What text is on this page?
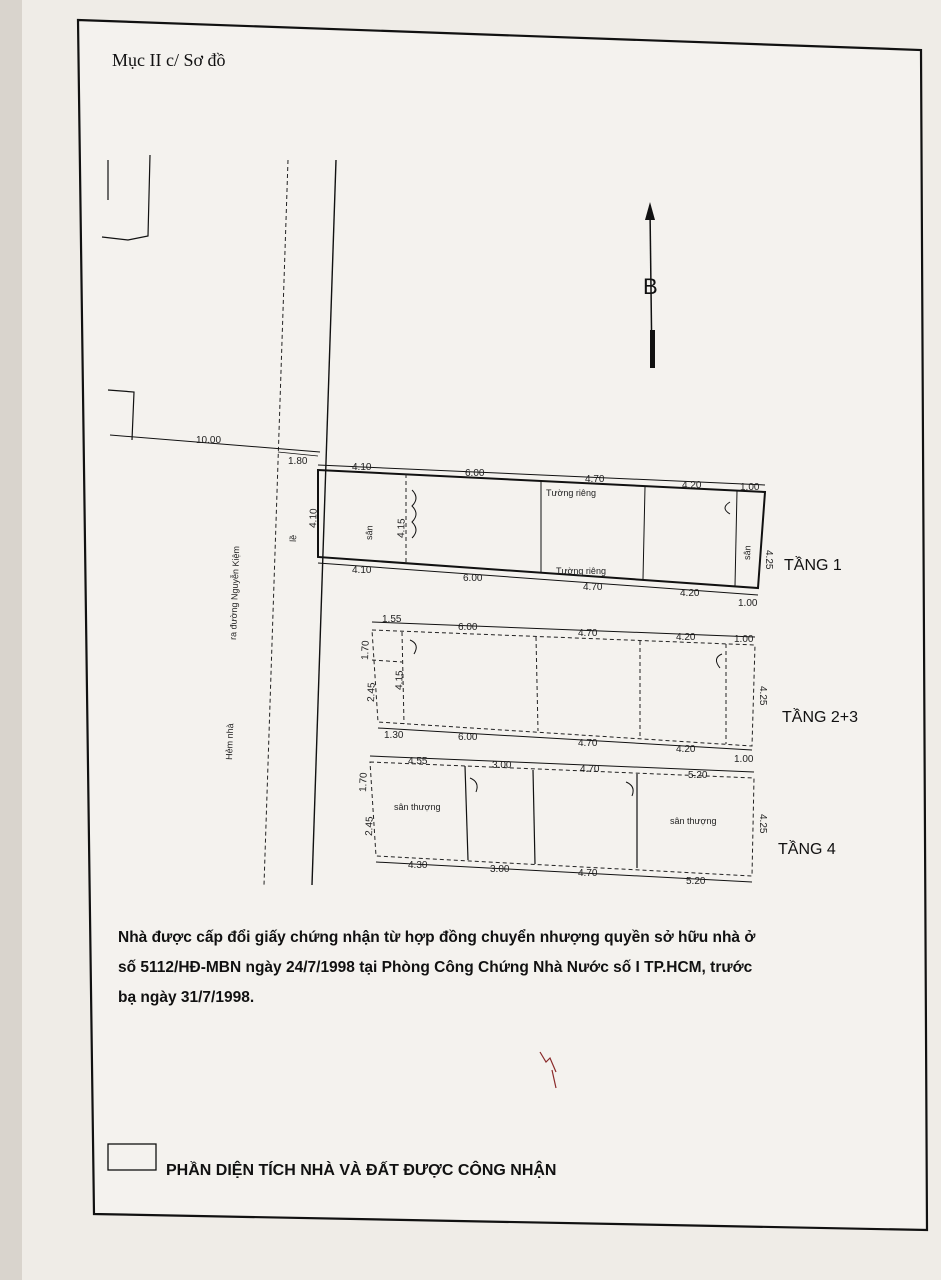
Mục II c/ Sơ đồ
10.00
1.80
Hẻm nhà
ra đường Nguyễn Kiệm
lề
B
4.10
6.00
4.70
4.20	1.00
4.10
6.00
4.70
4.20
1.00
4.10
4.15
4.25
sân
sân
Tường riêng
Tường riêng	TẦNG 1
1.55
6.00
4.70	4.20	1.00
1.30	6.00
4.70
4.20
1.00
1.70
2.45
4.15
4.25
TẦNG 2+3
4.55	3.00	4.70
5.20
4.30	3.00	4.70
5.20
1.70
2.45	4.25
sân thượng
sân thượng
TẦNG 4
Nhà được cấp đổi giấy chứng nhận từ hợp đồng chuyển nhượng quyền sở hữu nhà ở
số 5112/HĐ-MBN ngày 24/7/1998 tại Phòng Công Chứng Nhà Nước số I TP.HCM, trước
bạ ngày 31/7/1998.
PHẦN DIỆN TÍCH NHÀ VÀ ĐẤT ĐƯỢC CÔNG NHẬN
